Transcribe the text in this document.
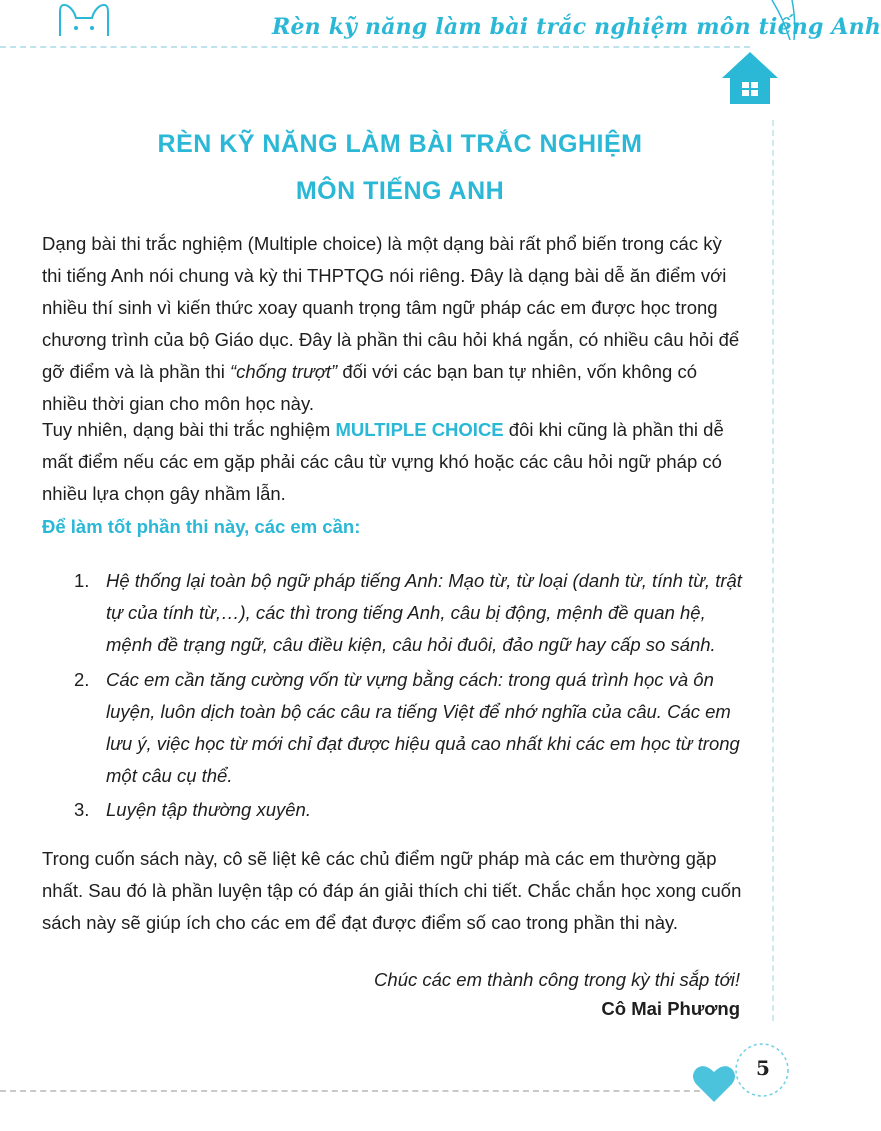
Rèn kỹ năng làm bài trắc nghiệm môn tiếng Anh
RÈN KỸ NĂNG LÀM BÀI TRẮC NGHIỆM
MÔN TIẾNG ANH

Dạng bài thi trắc nghiệm (Multiple choice) là một dạng bài rất phổ biến trong các kỳ thi tiếng Anh nói chung và kỳ thi THPTQG nói riêng. Đây là dạng bài dễ ăn điểm với nhiều thí sinh vì kiến thức xoay quanh trọng tâm ngữ pháp các em được học trong chương trình của bộ Giáo dục. Đây là phần thi câu hỏi khá ngắn, có nhiều câu hỏi để gỡ điểm và là phần thi “chống trượt” đối với các bạn ban tự nhiên, vốn không có nhiều thời gian cho môn học này.

Tuy nhiên, dạng bài thi trắc nghiệm MULTIPLE CHOICE đôi khi cũng là phần thi dễ mất điểm nếu các em gặp phải các câu từ vựng khó hoặc các câu hỏi ngữ pháp có nhiều lựa chọn gây nhầm lẫn.

Để làm tốt phần thi này, các em cần:
1. Hệ thống lại toàn bộ ngữ pháp tiếng Anh: Mạo từ, từ loại (danh từ, tính từ, trật tự của tính từ,…), các thì trong tiếng Anh, câu bị động, mệnh đề quan hệ, mệnh đề trạng ngữ, câu điều kiện, câu hỏi đuôi, đảo ngữ hay cấp so sánh.
2. Các em cần tăng cường vốn từ vựng bằng cách: trong quá trình học và ôn luyện, luôn dịch toàn bộ các câu ra tiếng Việt để nhớ nghĩa của câu. Các em lưu ý, việc học từ mới chỉ đạt được hiệu quả cao nhất khi các em học từ trong một câu cụ thể.
3. Luyện tập thường xuyên.

Trong cuốn sách này, cô sẽ liệt kê các chủ điểm ngữ pháp mà các em thường gặp nhất. Sau đó là phần luyện tập có đáp án giải thích chi tiết. Chắc chắn học xong cuốn sách này sẽ giúp ích cho các em để đạt được điểm số cao trong phần thi này.

Chúc các em thành công trong kỳ thi sắp tới!
Cô Mai Phương
5
